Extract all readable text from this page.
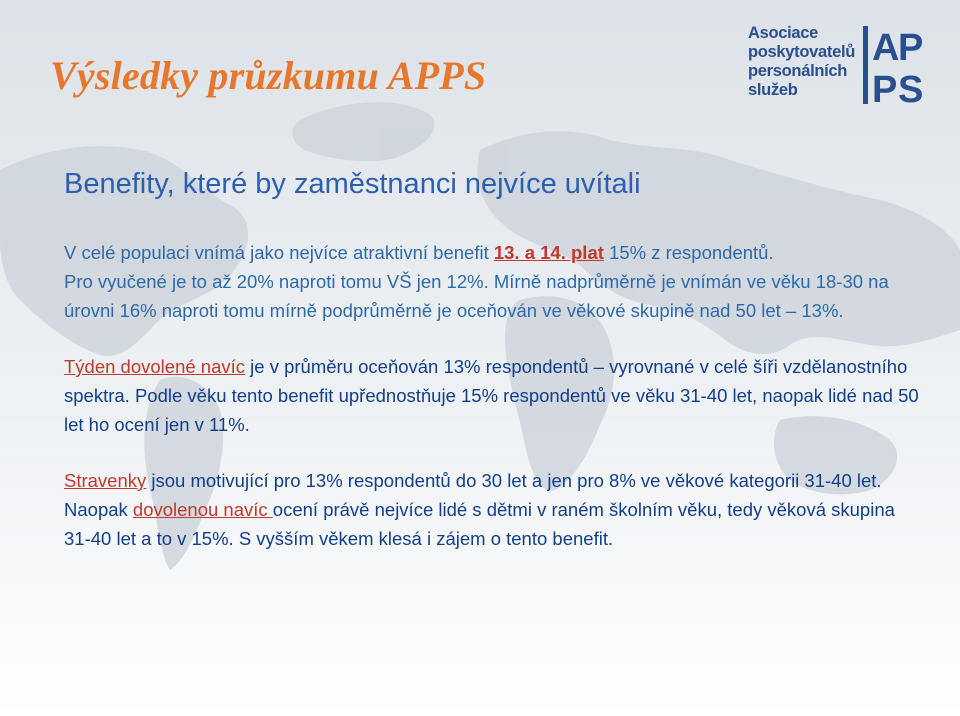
Výsledky průzkumu APPS
Asociace
poskytovatelů
personálních
služeb
A
P
P S
Benefity, které by zaměstnanci nejvíce uvítali

V celé populaci vnímá jako nejvíce atraktivní benefit 13. a 14. plat 15% z respondentů.
Pro vyučené je to až 20% naproti tomu VŠ jen 12%. Mírně nadprůměrně je vnímán ve věku 18-30 na úrovni 16% naproti tomu mírně podprůměrně je oceňován ve věkové skupině nad 50 let – 13%.

Týden dovolené navíc je v průměru oceňován 13% respondentů – vyrovnané v celé šíři vzdělanostního spektra. Podle věku tento benefit upřednostňuje 15% respondentů ve věku 31-40 let, naopak lidé nad 50 let ho ocení jen v 11%.

Stravenky jsou motivující pro 13% respondentů do 30 let a jen pro 8% ve věkové kategorii 31-40 let. Naopak dovolenou navíc ocení právě nejvíce lidé s dětmi v raném školním věku, tedy věková skupina 31-40 let a to v 15%. S vyšším věkem klesá i zájem o tento benefit.
